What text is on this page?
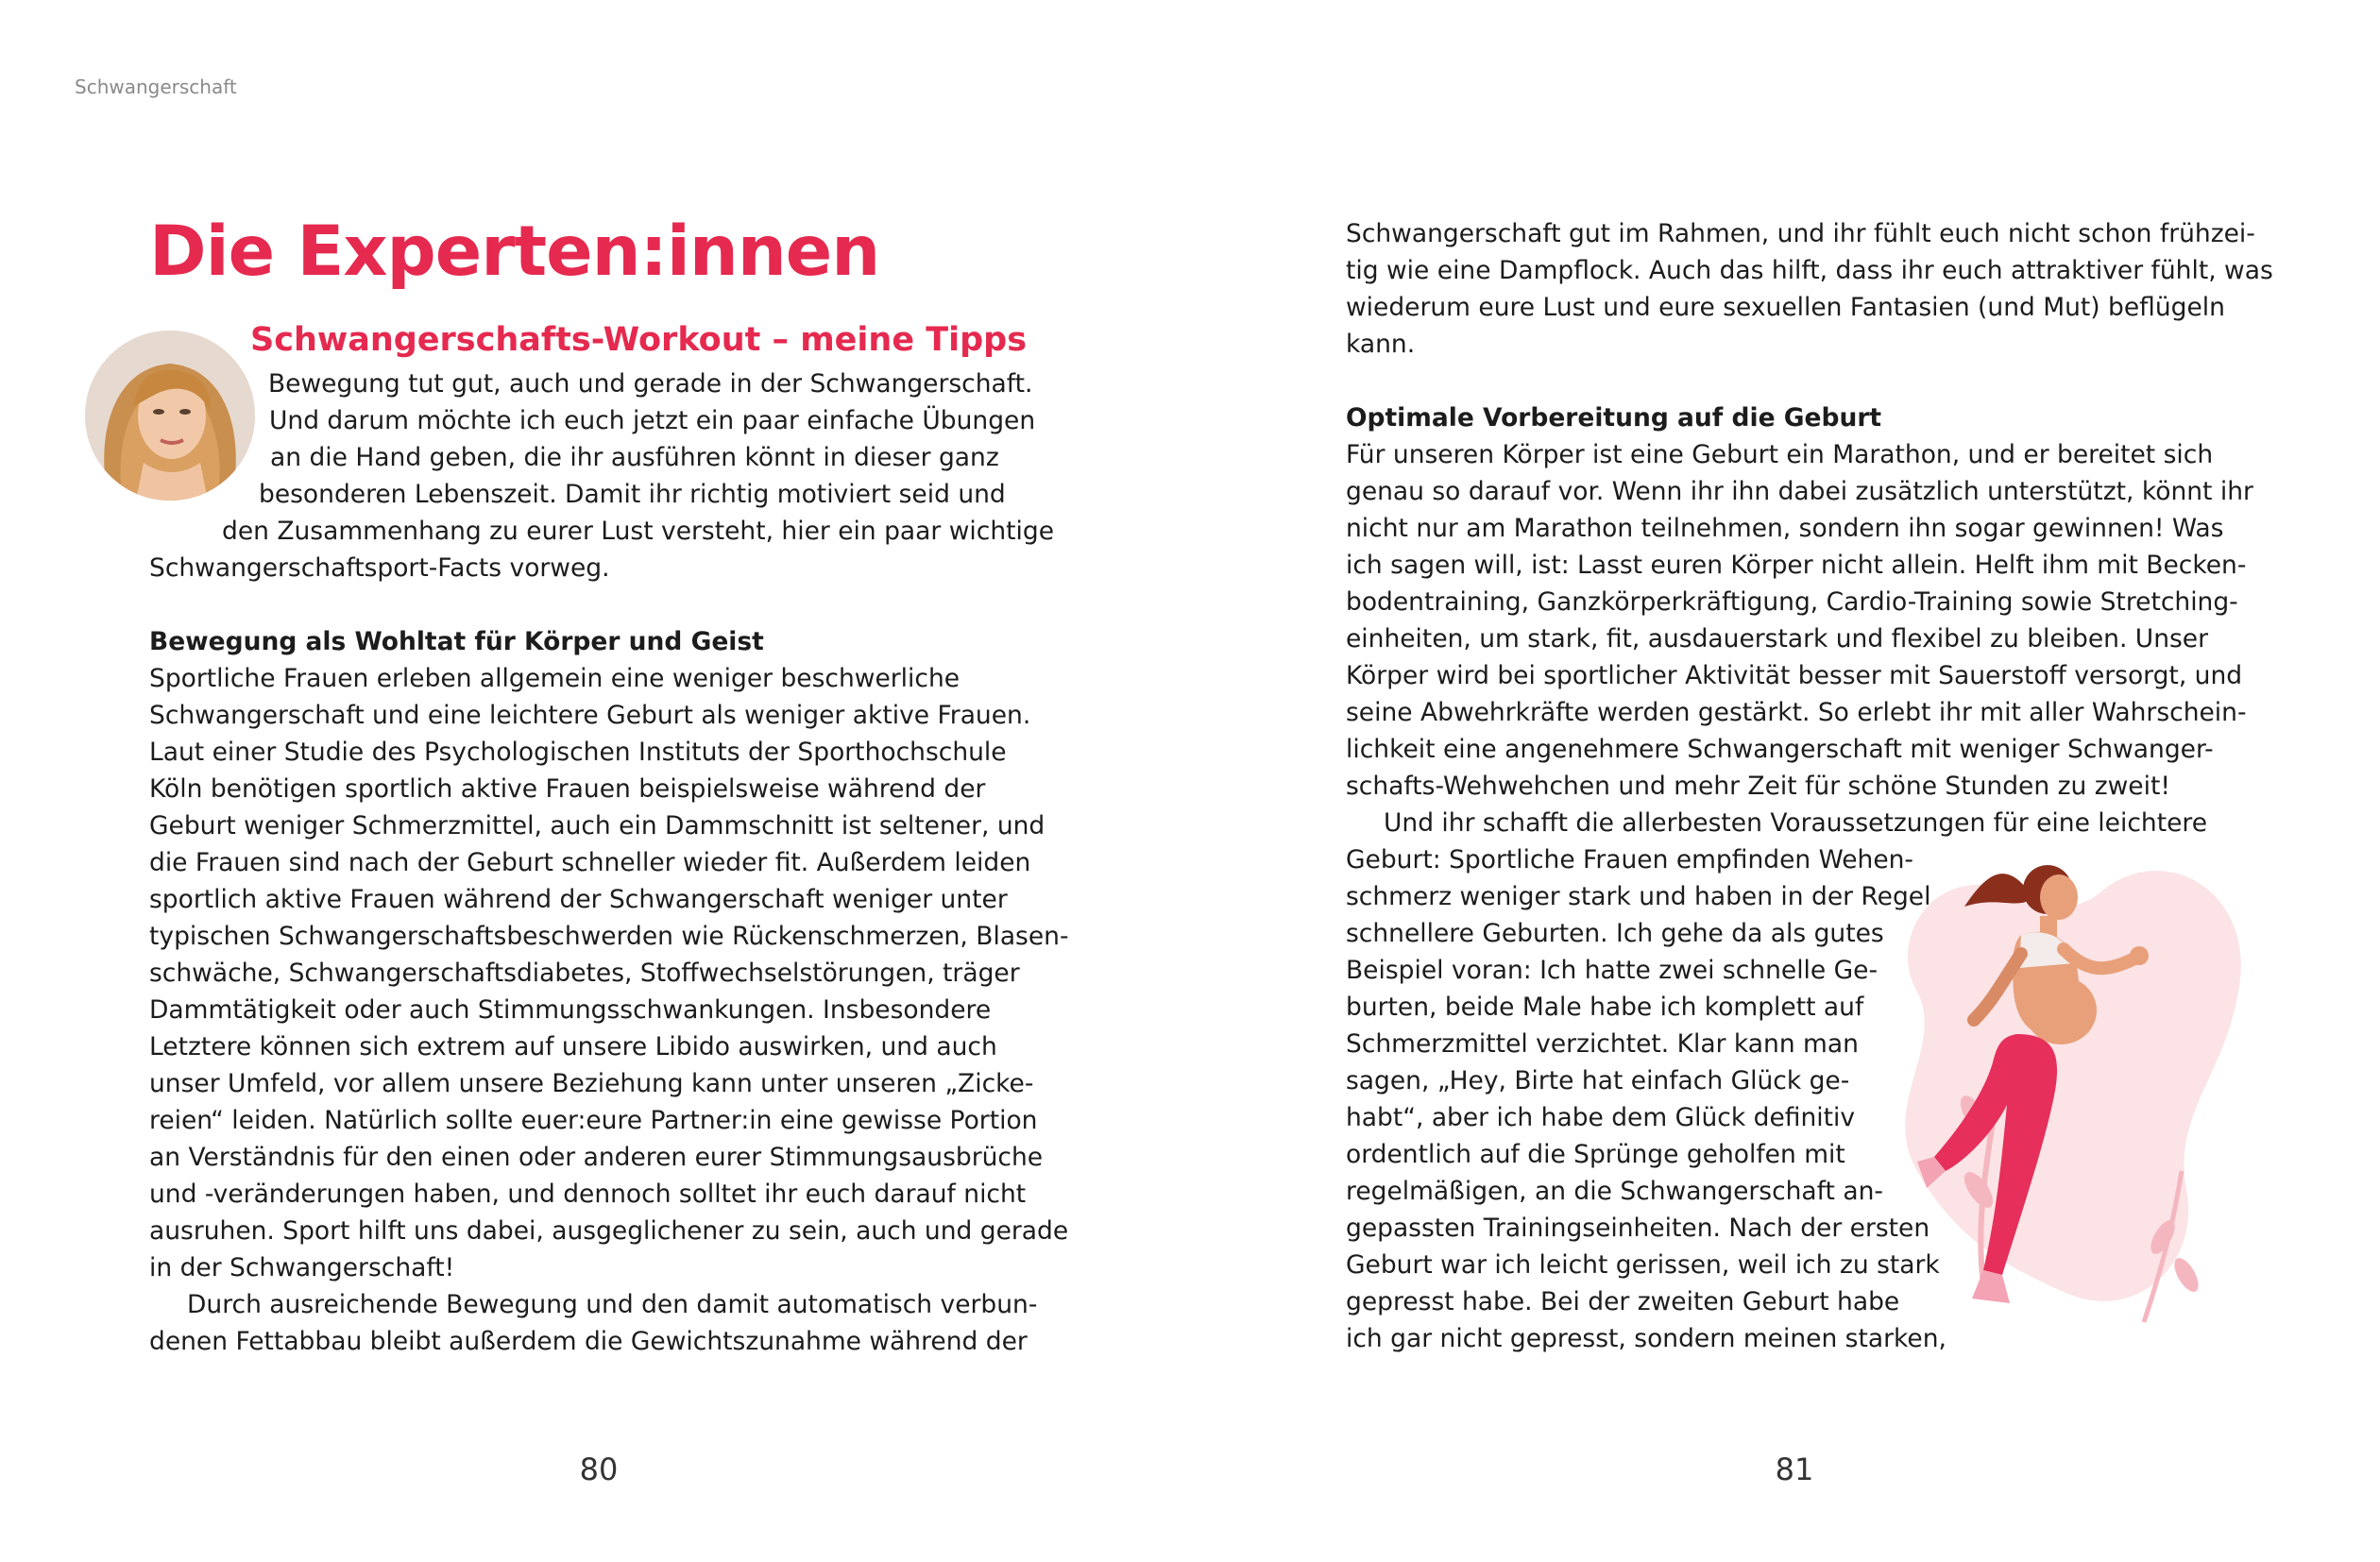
Schwangerschaft
Die Experten:innen
Schwangerschafts-Workout – meine Tipps
Bewegung tut gut, auch und gerade in der Schwangerschaft.
Und darum möchte ich euch jetzt ein paar einfache Übungen
an die Hand geben, die ihr ausführen könnt in dieser ganz
besonderen Lebenszeit. Damit ihr richtig motiviert seid und
den Zusammenhang zu eurer Lust versteht, hier ein paar wichtige
Schwangerschaftsport-Facts vorweg.
Bewegung als Wohltat für Körper und Geist
Sportliche Frauen erleben allgemein eine weniger beschwerliche
Schwangerschaft und eine leichtere Geburt als weniger aktive Frauen.
Laut einer Studie des Psychologischen Instituts der Sporthochschule
Köln benötigen sportlich aktive Frauen beispielsweise während der
Geburt weniger Schmerzmittel, auch ein Dammschnitt ist seltener, und
die Frauen sind nach der Geburt schneller wieder fit. Außerdem leiden
sportlich aktive Frauen während der Schwangerschaft weniger unter
typischen Schwangerschaftsbeschwerden wie Rückenschmerzen, Blasen-
schwäche, Schwangerschaftsdiabetes, Stoffwechselstörungen, träger
Dammtätigkeit oder auch Stimmungsschwankungen. Insbesondere
Letztere können sich extrem auf unsere Libido auswirken, und auch
unser Umfeld, vor allem unsere Beziehung kann unter unseren „Zicke-
reien“ leiden. Natürlich sollte euer:eure Partner:in eine gewisse Portion
an Verständnis für den einen oder anderen eurer Stimmungsausbrüche
und -veränderungen haben, und dennoch solltet ihr euch darauf nicht
ausruhen. Sport hilft uns dabei, ausgeglichener zu sein, auch und gerade
in der Schwangerschaft!
Durch ausreichende Bewegung und den damit automatisch verbun-
denen Fettabbau bleibt außerdem die Gewichtszunahme während der
80
Schwangerschaft gut im Rahmen, und ihr fühlt euch nicht schon frühzei-
tig wie eine Dampflock. Auch das hilft, dass ihr euch attraktiver fühlt, was
wiederum eure Lust und eure sexuellen Fantasien (und Mut) beflügeln
kann.
Optimale Vorbereitung auf die Geburt
Für unseren Körper ist eine Geburt ein Marathon, und er bereitet sich
genau so darauf vor. Wenn ihr ihn dabei zusätzlich unterstützt, könnt ihr
nicht nur am Marathon teilnehmen, sondern ihn sogar gewinnen! Was
ich sagen will, ist: Lasst euren Körper nicht allein. Helft ihm mit Becken-
bodentraining, Ganzkörperkräftigung, Cardio-Training sowie Stretching-
einheiten, um stark, fit, ausdauerstark und flexibel zu bleiben. Unser
Körper wird bei sportlicher Aktivität besser mit Sauerstoff versorgt, und
seine Abwehrkräfte werden gestärkt. So erlebt ihr mit aller Wahrschein-
lichkeit eine angenehmere Schwangerschaft mit weniger Schwanger-
schafts-Wehwehchen und mehr Zeit für schöne Stunden zu zweit!
Und ihr schafft die allerbesten Voraussetzungen für eine leichtere
Geburt: Sportliche Frauen empfinden Wehen-
schmerz weniger stark und haben in der Regel
schnellere Geburten. Ich gehe da als gutes
Beispiel voran: Ich hatte zwei schnelle Ge-
burten, beide Male habe ich komplett auf
Schmerzmittel verzichtet. Klar kann man
sagen, „Hey, Birte hat einfach Glück ge-
habt“, aber ich habe dem Glück definitiv
ordentlich auf die Sprünge geholfen mit
regelmäßigen, an die Schwangerschaft an-
gepassten Trainingseinheiten. Nach der ersten
Geburt war ich leicht gerissen, weil ich zu stark
gepresst habe. Bei der zweiten Geburt habe
ich gar nicht gepresst, sondern meinen starken,
81
